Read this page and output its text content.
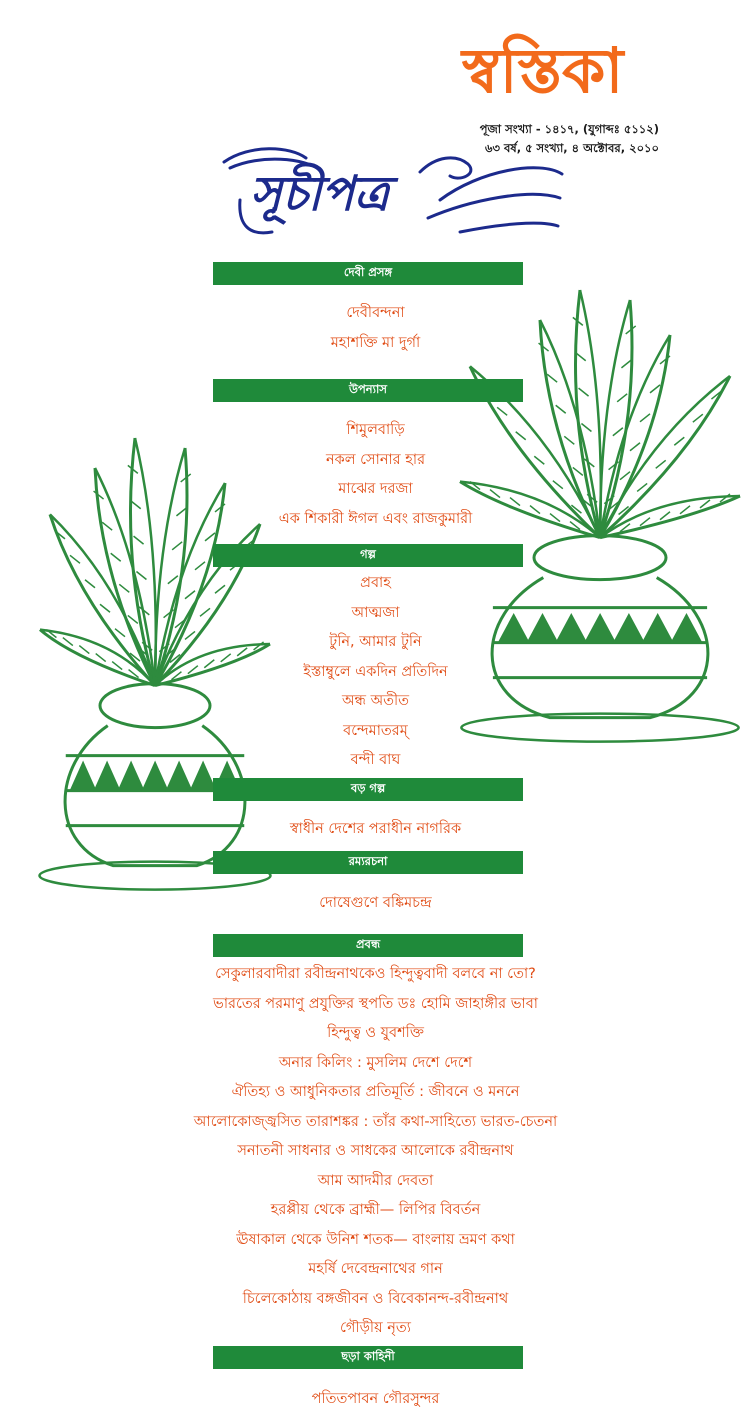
স্বস্তিকা
পূজা সংখ্যা - ১৪১৭, (যুগাব্দঃ ৫১১২)
৬৩ বর্ষ, ৫ সংখ্যা, ৪ অক্টোবর, ২০১০
সূচীপত্র
দেবী প্রসঙ্গ
দেবীবন্দনা
মহাশক্তি মা দুর্গা
উপন্যাস
শিমুলবাড়ি
নকল সোনার হার
মাঝের দরজা
এক শিকারী ঈগল এবং রাজকুমারী
গল্প
প্রবাহ
আত্মজা
টুনি, আমার টুনি
ইস্তাম্বুলে একদিন প্রতিদিন
অন্ধ অতীত
বন্দেমাতরম্‌
বন্দী বাঘ
বড় গল্প
স্বাধীন দেশের পরাধীন নাগরিক
রম্যরচনা
দোষেগুণে বঙ্কিমচন্দ্র
প্রবন্ধ
সেকুলারবাদীরা রবীন্দ্রনাথকেও হিন্দুত্ববাদী বলবে না তো?
ভারতের পরমাণু প্রযুক্তির স্থপতি ডঃ হোমি জাহাঙ্গীর ভাবা
হিন্দুত্ব ও যুবশক্তি
অনার কিলিং : মুসলিম দেশে দেশে
ঐতিহ্য ও আধুনিকতার প্রতিমূর্তি : জীবনে ও মননে
আলোকোজ্জ্বসিত তারাশঙ্কর : তাঁর কথা-সাহিত্যে ভারত-চেতনা
সনাতনী সাধনার ও সাধকের আলোকে রবীন্দ্রনাথ
আম আদমীর দেবতা
হরপ্পীয় থেকে ব্রাহ্মী— লিপির বিবর্তন
ঊষাকাল থেকে উনিশ শতক— বাংলায় ভ্রমণ কথা
মহর্ষি দেবেন্দ্রনাথের গান
চিলেকোঠায় বঙ্গজীবন ও বিবেকানন্দ-রবীন্দ্রনাথ
গৌড়ীয় নৃত্য
ছড়া কাহিনী
পতিতপাবন গৌরসুন্দর
